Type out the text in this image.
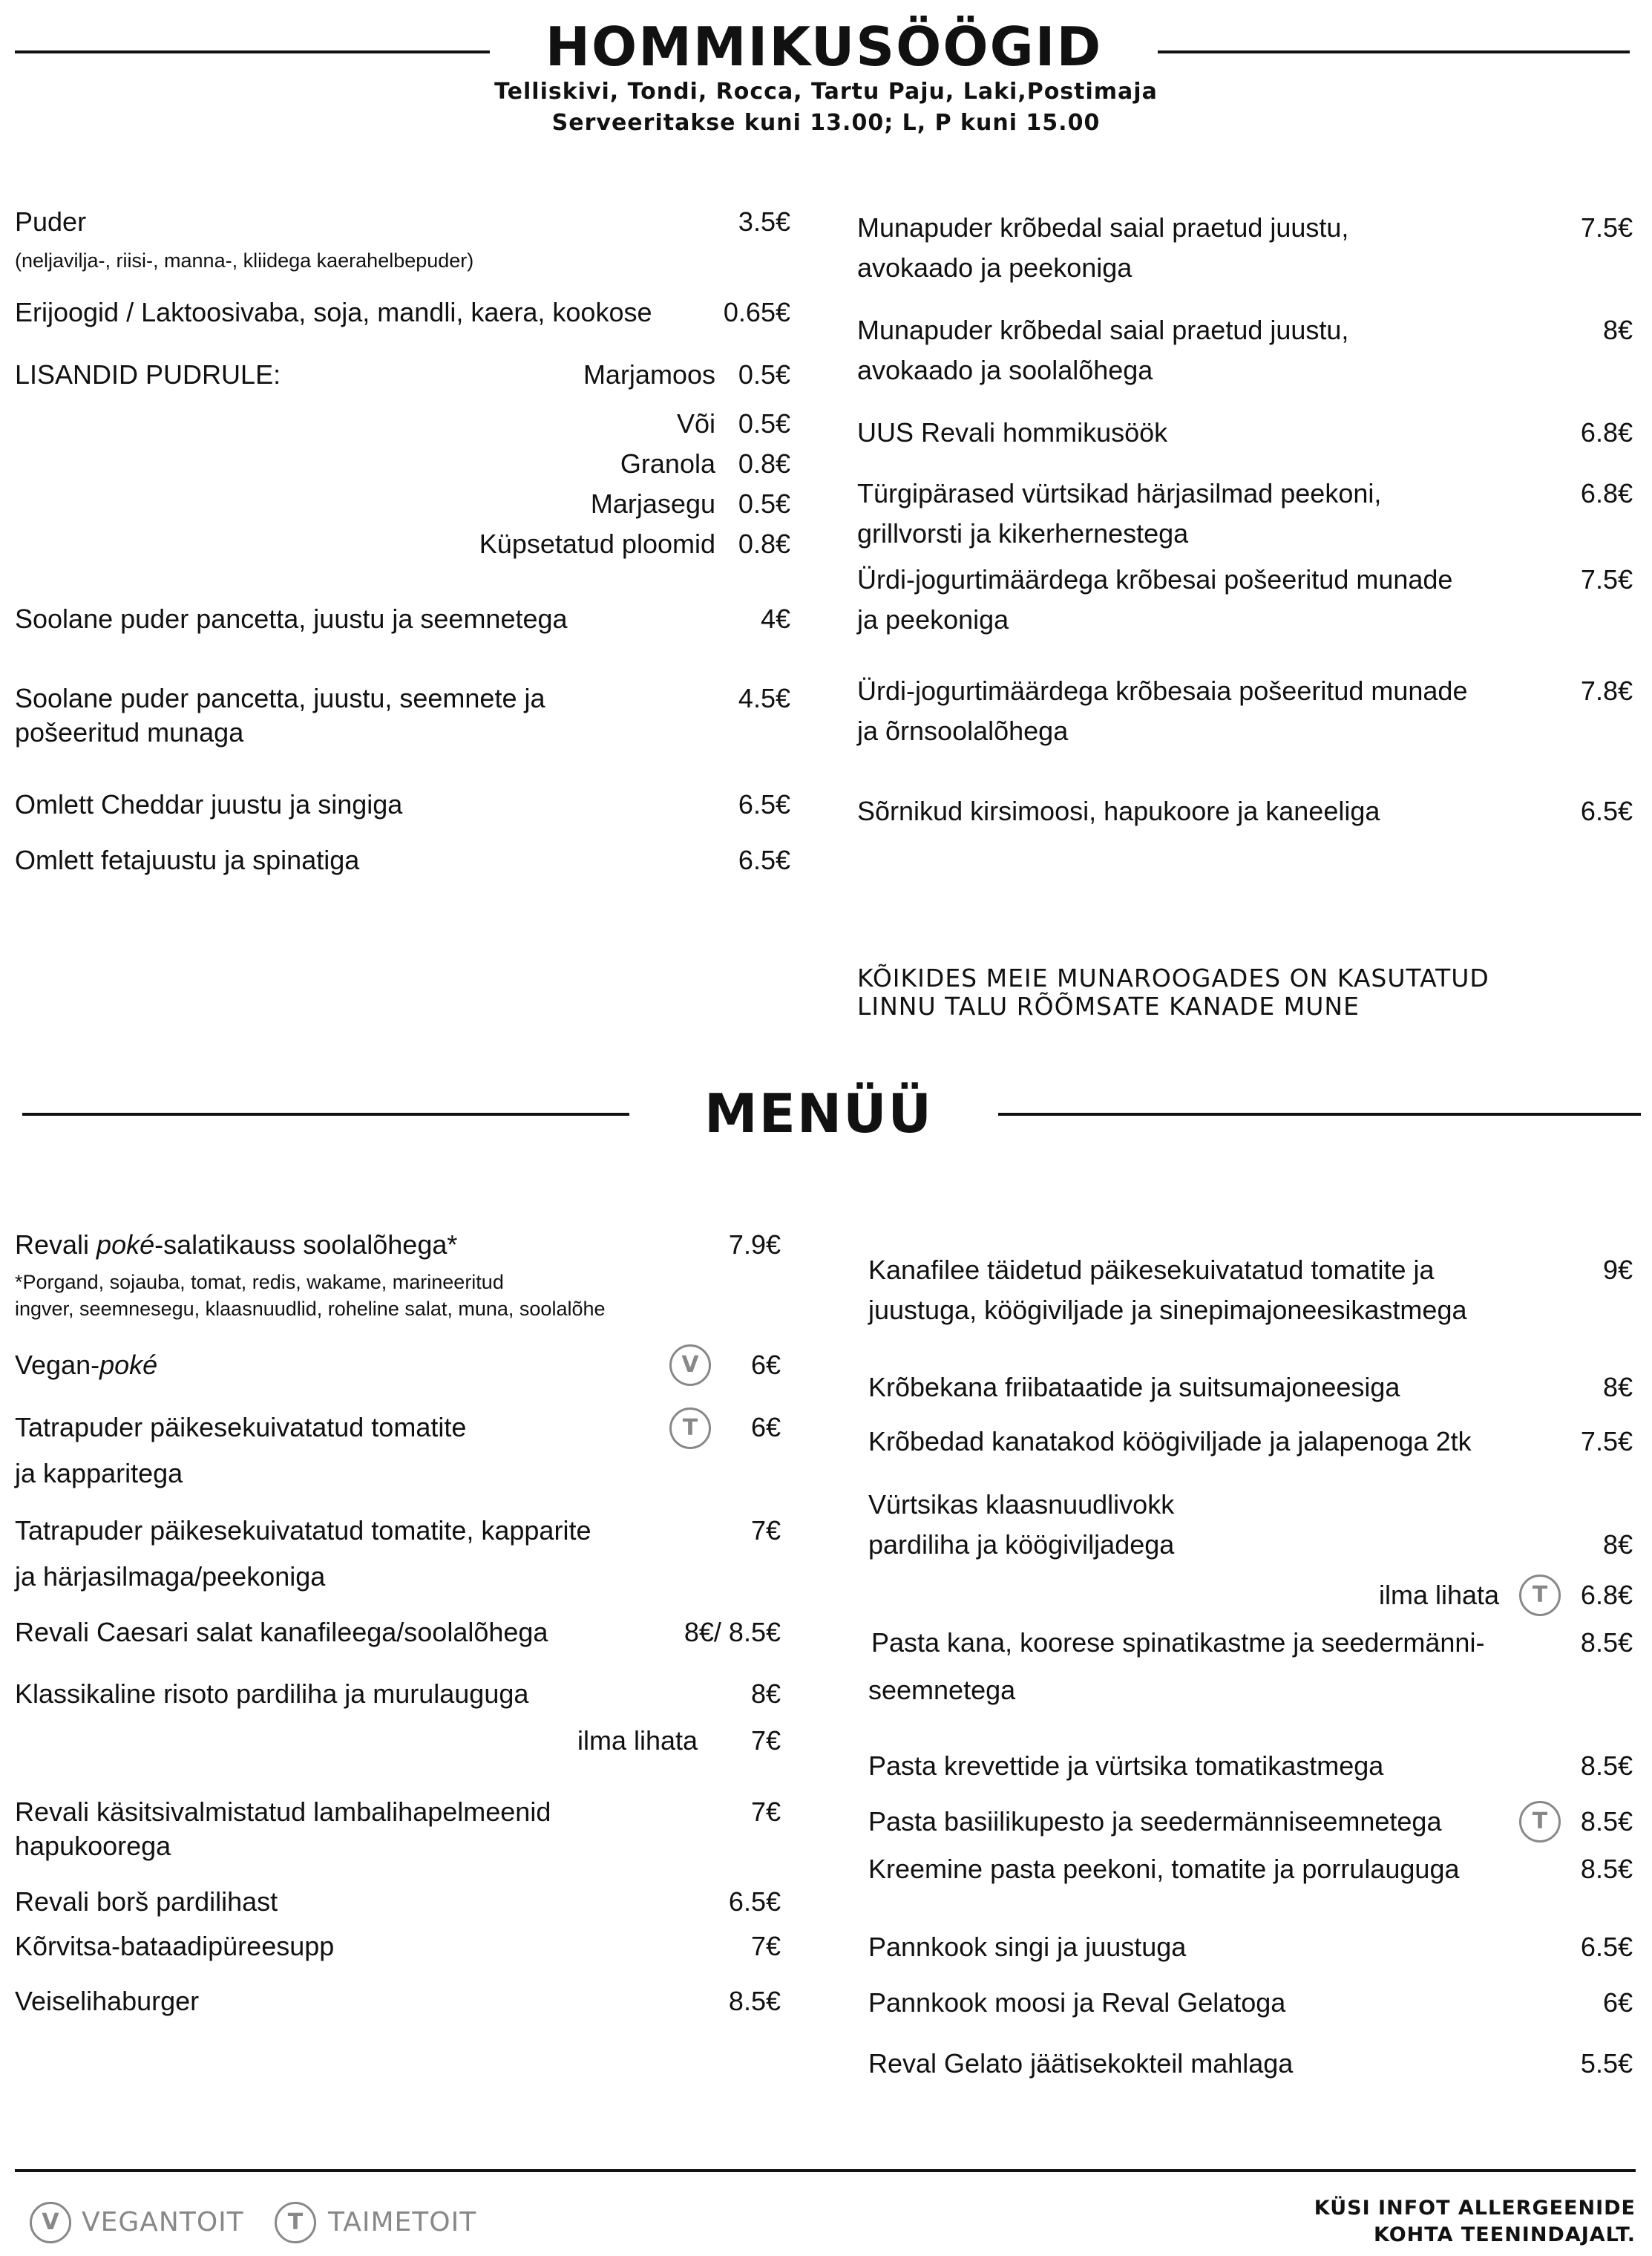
HOMMIKUSÖÖGID
Telliskivi, Tondi, Rocca, Tartu Paju, Laki,Postimaja
Serveeritakse kuni 13.00; L, P kuni 15.00
Puder	3.5€
(neljavilja-, riisi-, manna-, kliidega kaerahelbepuder)
Erijoogid / Laktoosivaba, soja, mandli, kaera, kookose	0.65€
LISANDID PUDRULE:	Marjamoos 0.5€
Või 0.5€
Granola 0.8€
Marjasegu 0.5€
Küpsetatud ploomid 0.8€
Soolane puder pancetta, juustu ja seemnetega	4€
Soolane puder pancetta, juustu, seemnete ja
pošeeritud munaga
4.5€
Omlett Cheddar juustu ja singiga	6.5€
Omlett fetajuustu ja spinatiga	6.5€
Munapuder krõbedal saial praetud juustu,
avokaado ja peekoniga
7.5€
Munapuder krõbedal saial praetud juustu,
avokaado ja soolalõhega
8€
UUS Revali hommikusöök	6.8€
Türgipärased vürtsikad härjasilmad peekoni,
grillvorsti ja kikerhernestega
6.8€
Ürdi-jogurtimäärdega krõbesai pošeeritud munade
ja peekoniga
7.5€
Ürdi-jogurtimäärdega krõbesaia pošeeritud munade
ja õrnsoolalõhega
7.8€
Sõrnikud kirsimoosi, hapukoore ja kaneeliga	6.5€
KÕIKIDES MEIE MUNAROOGADES ON KASUTATUD
LINNU TALU RÕÕMSATE KANADE MUNE
MENÜÜ
Revali poké-salatikauss soolalõhega*	7.9€
*Porgand, sojauba, tomat, redis, wakame, marineeritud
ingver, seemnesegu, klaasnuudlid, roheline salat, muna, soolalõhe
Vegan-poké	V	6€
Tatrapuder päikesekuivatatud tomatite
ja kapparitega
T	6€
Tatrapuder päikesekuivatatud tomatite, kapparite
ja härjasilmaga/peekoniga
7€
Revali Caesari salat kanafileega/soolalõhega	8€/ 8.5€
Klassikaline risoto pardiliha ja murulauguga	8€
ilma lihata	7€
Revali käsitsivalmistatud lambalihapelmeenid
hapukoorega
7€
Revali borš pardilihast	6.5€
Kõrvitsa-bataadipüreesupp	7€
Veiselihaburger	8.5€
Kanafilee täidetud päikesekuivatatud tomatite ja
juustuga, köögiviljade ja sinepimajoneesikastmega
9€
Krõbekana friibataatide ja suitsumajoneesiga	8€
Krõbedad kanatakod köögiviljade ja jalapenoga 2tk	7.5€
Vürtsikas klaasnuudlivokk
pardiliha ja köögiviljadega	8€
ilma lihata	T	6.8€
Pasta kana, koorese spinatikastme ja seedermänni-
seemnetega
8.5€
Pasta krevettide ja vürtsika tomatikastmega	8.5€
Pasta basiilikupesto ja seedermänniseemnetega	T	8.5€
Kreemine pasta peekoni, tomatite ja porrulauguga	8.5€
Pannkook singi ja juustuga	6.5€
Pannkook moosi ja Reval Gelatoga	6€
Reval Gelato jäätisekokteil mahlaga	5.5€
V VEGANTOIT	T TAIMETOIT	KÜSI INFOT ALLERGEENIDE
KOHTA TEENINDAJALT.
